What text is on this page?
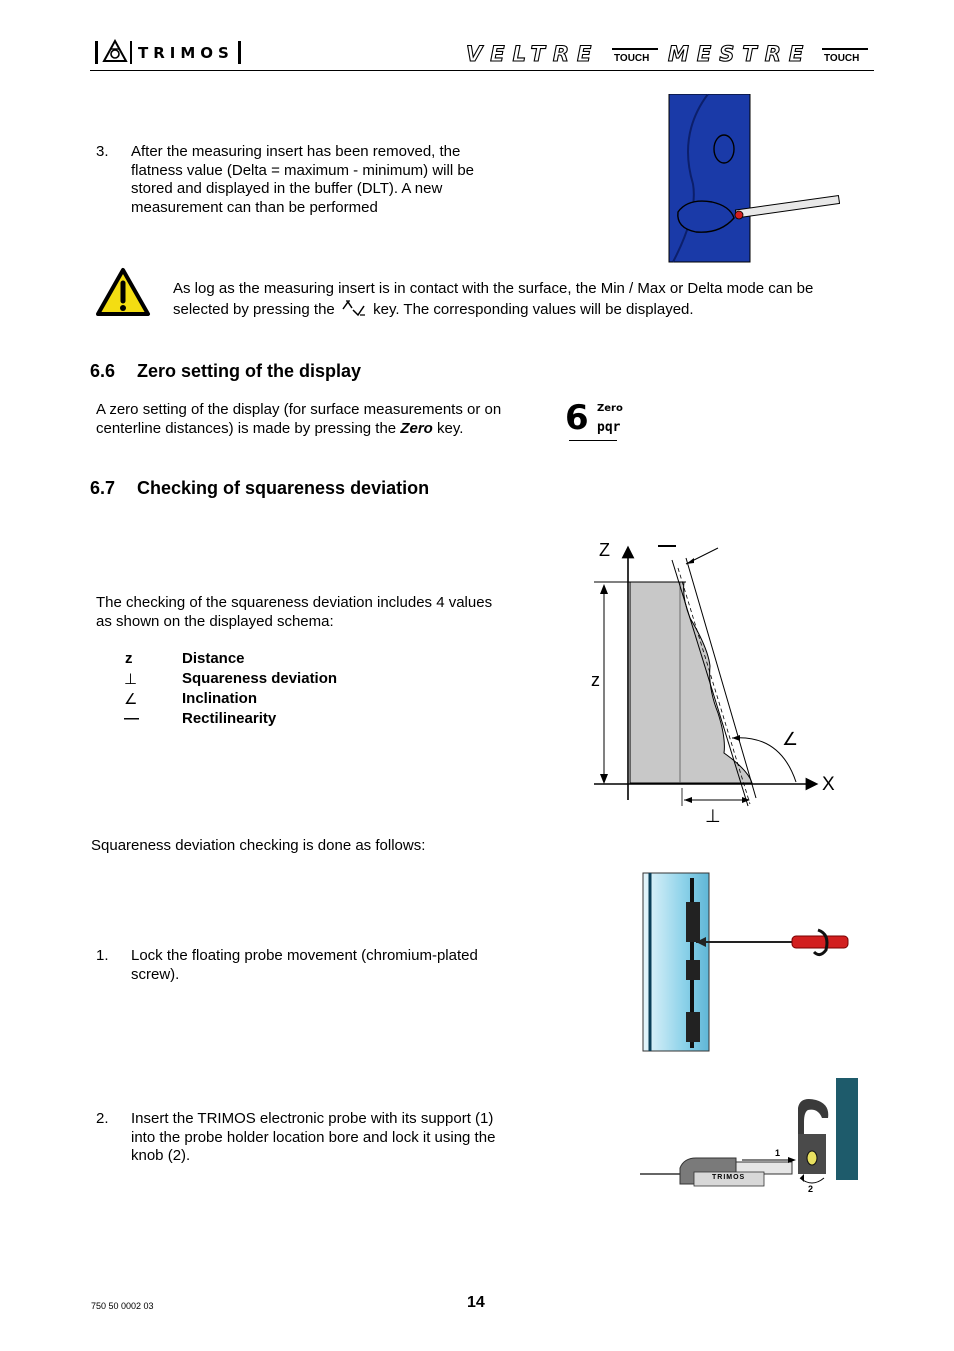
TRIMOS	VELTRE TOUCH MESTRE TOUCH
3. After the measuring insert has been removed, the
flatness value (Delta = maximum - minimum) will be
stored and displayed in the buffer (DLT). A new
measurement can than be performed
As log as the measuring insert is in contact with the surface, the Min / Max or Delta mode can be
selected by pressing the	key. The corresponding values will be displayed.
6.6 Zero setting of the display
A zero setting of the display (for surface measurements or on
centerline distances) is made by pressing the Zero key.	6 Zero
pqr
6.7 Checking of squareness deviation
The checking of the squareness deviation includes 4 values
as shown on the displayed schema:
z	Distance
⊥	Squareness deviation
∠	Inclination
—	Rectilinearity
Z
z
∠
X
⊥
Squareness deviation checking is done as follows:
1. Lock the floating probe movement (chromium-plated
screw).
2. Insert the TRIMOS electronic probe with its support (1)
into the probe holder location bore and lock it using the
knob (2).	1
2
TRIMOS
750 50 0002 03	14
